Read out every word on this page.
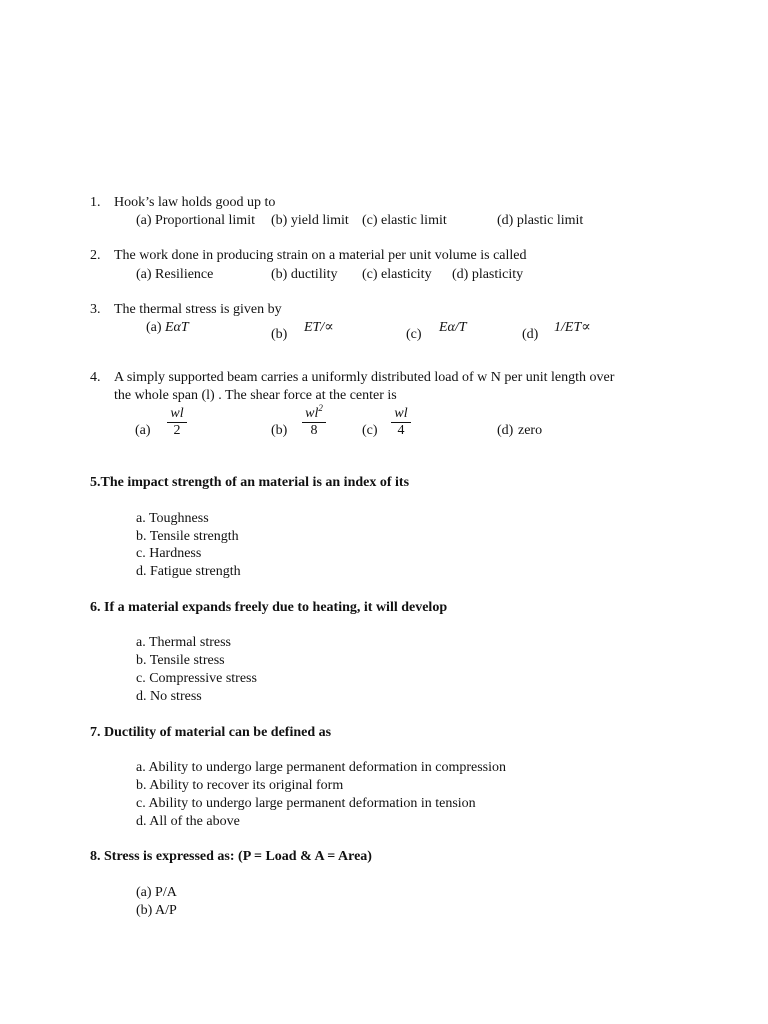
1. Hook’s law holds good up to
(a) Proportional limit (b) yield limit (c) elastic limit	(d) plastic limit
2. The work done in producing strain on a material per unit volume is called
(a) Resilience	(b) ductility (c) elasticity (d) plasticity
3. The thermal stress is given by
(a) EαT	(b) ET/∝	(c) Eα/T	(d) 1/ET∝
4. A simply supported beam carries a uniformly distributed load of w N per unit length over
the whole span (l) . The shear force at the center is
$(a) \frac{wl}{2}$	$(b) \frac{wl^2}{8}$	$(c) \frac{wl}{4}$	(d) zero
5.The impact strength of an material is an index of its
a. Toughness
b. Tensile strength
c. Hardness
d. Fatigue strength
6. If a material expands freely due to heating, it will develop
a. Thermal stress
b. Tensile stress
c. Compressive stress
d. No stress
7. Ductility of material can be defined as
a. Ability to undergo large permanent deformation in compression
b. Ability to recover its original form
c. Ability to undergo large permanent deformation in tension
d. All of the above
8. Stress is expressed as: (P = Load & A = Area)
(a) P/A
(b) A/P
